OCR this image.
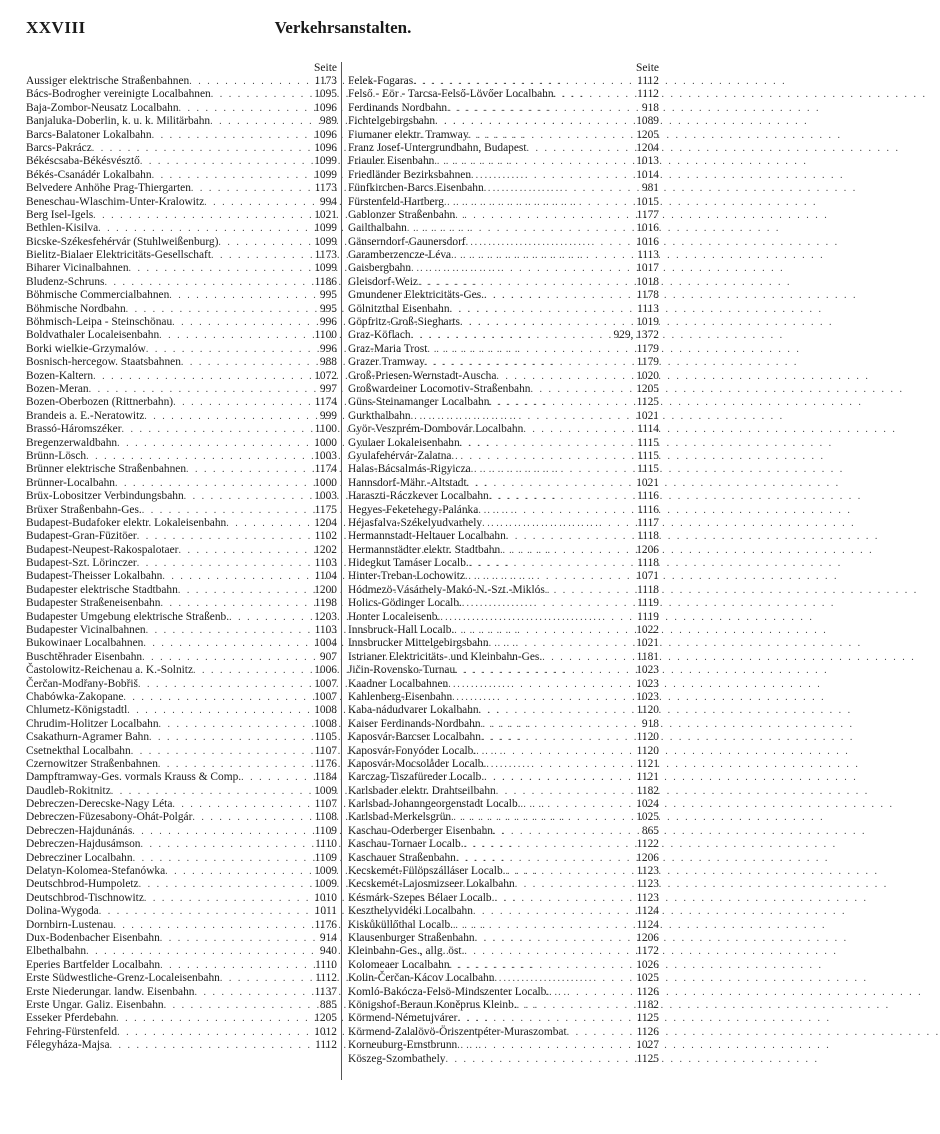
XXVIII	Verkehrsanstalten.
Seite
Aussiger elektrische Straßenbahnen . . .	1173
Bács-Bodrogher vereinigte Localbahnen . . .	1095
Baja-Zombor-Neusatz Localbahn . . .	1096
Banjaluka-Doberlin, k. u. k. Militärbahn . . .	989
Barcs-Balatoner Lokalbahn . . .	1096
Barcs-Pakrácz . . .	1096
Békéscsaba-Békésvésztő . . .	1099
Békés-Csanádér Lokalbahn . . .	1099
Belvedere Anhöhe Prag-Thiergarten . . .	1173
Beneschau-Wlaschim-Unter-Kralowitz . . .	994
Berg Isel-Igels . . .	1021
Bethlen-Kisilva . . .	1099
Bicske-Székesfehérvár (Stuhlweißenburg) . . .	1099
Bielitz-Bialaer Elektricitäts-Gesellschaft . . .	1173
Biharer Vicinalbahnen . . .	1099
Bludenz-Schruns . . .	1186
Böhmische Commercialbahnen . . .	995
Böhmische Nordbahn . . .	995
Böhmisch-Leipa - Steinschönau . . .	996
Boldvathaler Localeisenbahn . . .	1100
Borki wielkie-Grzymalów . . .	996
Bosnisch-hercegow. Staatsbahnen . . .	988
Bozen-Kaltern . . .	1072
Bozen-Meran . . .	997
Bozen-Oberbozen (Rittnerbahn) . . .	1174
Brandeis a. E.-Neratowitz . . .	999
Brassó-Háromszéker . . .	1100
Bregenzerwaldbahn . . .	1000
Brünn-Lösch . . .	1003
Brünner elektrische Straßenbahnen . . .	1174
Brünner-Localbahn . . .	1000
Brüx-Lobositzer Verbindungsbahn . . .	1003
Brüxer Straßenbahn-Ges. . . .	1175
Budapest-Budafoker elektr. Lokaleisenbahn . . .	1204
Budapest-Gran-Füzitöer . . .	1102
Budapest-Neupest-Rakospalotaer . . .	1202
Budapest-Szt. Lörinczer . . .	1103
Budapest-Theisser Lokalbahn . . .	1104
Budapester elektrische Stadtbahn . . .	1200
Budapester Straßeneisenbahn . . .	1198
Budapester Umgebung elektrische Straßenb. . . .	1203
Budapester Vicinalbahnen . . .	1103
Bukowinaer Localbahnen . . .	1004
Buschtěhrader Eisenbahn . . .	907
Častolowitz-Reichenau a. K.-Solnitz . . .	1006
Čerčan-Modřany-Bobřiš . . .	1007
Chabówka-Zakopane . . .	1007
Chlumetz-Königstadtl . . .	1008
Chrudim-Holitzer Localbahn . . .	1008
Csakathurn-Agramer Bahn . . .	1105
Csetnekthal Localbahn . . .	1107
Czernowitzer Straßenbahnen . . .	1176
Dampftramway-Ges. vormals Krauss & Comp. . . .	1184
Daudleb-Rokitnitz . . .	1009
Debreczen-Derecske-Nagy Léta . . .	1107
Debreczen-Füzesabony-Ohát-Polgár . . .	1108
Debreczen-Hajdunánás . . .	1109
Debreczen-Hajdusámson . . .	1110
Debrecziner Localbahn . . .	1109
Delatyn-Kolomea-Stefanówka . . .	1009
Deutschbrod-Humpoletz . . .	1009
Deutschbrod-Tischnowitz . . .	1010
Dolina-Wygoda . . .	1011
Dornbirn-Lustenau . . .	1176
Dux-Bodenbacher Eisenbahn . . .	914
Elbethalbahn . . .	940
Eperies Bartfelder Localbahn . . .	1110
Erste Südwestliche-Grenz-Localeisenbahn . . .	1112
Erste Niederungar. landw. Eisenbahn . . .	1137
Erste Ungar. Galiz. Eisenbahn . . .	885
Esseker Pferdebahn . . .	1205
Fehring-Fürstenfeld . . .	1012
Félegyháza-Majsa . . .	1112
Seite
Felek-Fogaras . . .	1112
Felső - Eör - Tarcsa-Felső-Lövőer Localbahn . . .	1112
Ferdinands Nordbahn . . .	918
Fichtelgebirgsbahn . . .	1089
Fiumaner elektr. Tramway . . .	1205
Franz Josef-Untergrundbahn, Budapest . . .	1204
Friauler Eisenbahn . . .	1013
Friedländer Bezirksbahnen . . .	1014
Fünfkirchen-Barcs Eisenbahn . . .	981
Fürstenfeld-Hartberg . . .	1015
Gablonzer Straßenbahn . . .	1177
Gailthalbahn . . .	1016
Gänserndorf-Gaunersdorf . . .	1016
Garamberzencze-Léva . . .	1113
Gaisbergbahn . . .	1017
Gleisdorf-Weiz . . .	1018
Gmundener Elektricitäts-Ges. . . .	1178
Gölnitzthal Eisenbahn . . .	1113
Göpfritz-Groß-Siegharts . . .	1019
Graz-Köflach . . .	929, 1372
Graz-Maria Trost . . .	1179
Grazer Tramway . . .	1179
Groß-Priesen-Wernstadt-Auscha . . .	1020
Großwardeiner Locomotiv-Straßenbahn . . .	1205
Güns-Steinamanger Localbahn . . .	1125
Gurkthalbahn . . .	1021
Györ-Veszprém-Dombovár Localbahn . . .	1114
Gyulaer Lokaleisenbahn . . .	1115
Gyulafehérvár-Zalatna . . .	1115
Halas-Bácsalmás-Rigyicza . . .	1115
Hannsdorf-Mähr.-Altstadt . . .	1021
Haraszti-Ráczkever Localbahn . . .	1116
Hegyes-Feketehegy-Palánka . . .	1116
Héjasfalva-Székelyudvarhely . . .	1117
Hermannstadt-Heltauer Localbahn . . .	1118
Hermannstädter elektr. Stadtbahn . . .	1206
Hidegkut Tamáser Localb. . . .	1118
Hinter-Treban-Lochowitz . . .	1071
Hódmezö-Vásárhely-Makó-N.-Szt.-Miklós . . .	1118
Holics-Gödinger Localb. . . .	1119
Honter Localeisenb. . . .	1119
Innsbruck-Hall Localb. . . .	1022
Innsbrucker Mittelgebirgsbahn . . .	1021
Istrianer Elektricitäts- und Kleinbahn-Ges. . . .	1181
Jičin-Rovensko-Turnau . . .	1023
Kaadner Localbahnen . . .	1023
Kahlenberg-Eisenbahn . . .	1023
Kaba-nádudvarer Lokalbahn . . .	1120
Kaiser Ferdinands-Nordbahn . . .	918
Kaposvár-Barcser Localbahn . . .	1120
Kaposvár-Fonyóder Localb. . . .	1120
Kaposvár-Mocsolåder Localb. . . .	1121
Karczag-Tiszafüreder Localb. . . .	1121
Karlsbader elektr. Drahtseilbahn . . .	1182
Karlsbad-Johanngeorgenstadt Localb. . . .	1024
Karlsbad-Merkelsgrün . . .	1025
Kaschau-Oderberger Eisenbahn . . .	865
Kaschau-Tornaer Localb. . . .	1122
Kaschauer Straßenbahn . . .	1206
Kecskemét-Fülöpszálláser Localb. . . .	1123
Kecskemét-Lajosmizseer Lokalbahn . . .	1123
Késmárk-Szepes Bélaer Localb. . . .	1123
Keszthelyvidéki Localbahn . . .	1124
Kiskůküllőthal Localb. . . .	1124
Klausenburger Straßenbahn . . .	1206
Kleinbahn-Ges., allg. öst. . . .	1172
Kolomeaer Localbahn . . .	1026
Kolin-Čerčan-Kácov Localbahn . . .	1025
Komló-Bakócza-Felsö-Mindszenter Localb. . . .	1126
Königshof-Beraun Koněprus Kleinb. . . .	1182
Körmend-Németujvárer . . .	1125
Körmend-Zalalövö-Öriszentpéter-Muraszombat . . .	1126
Korneuburg-Ernstbrunn . . .	1027
Köszeg-Szombathely . . .	1125
